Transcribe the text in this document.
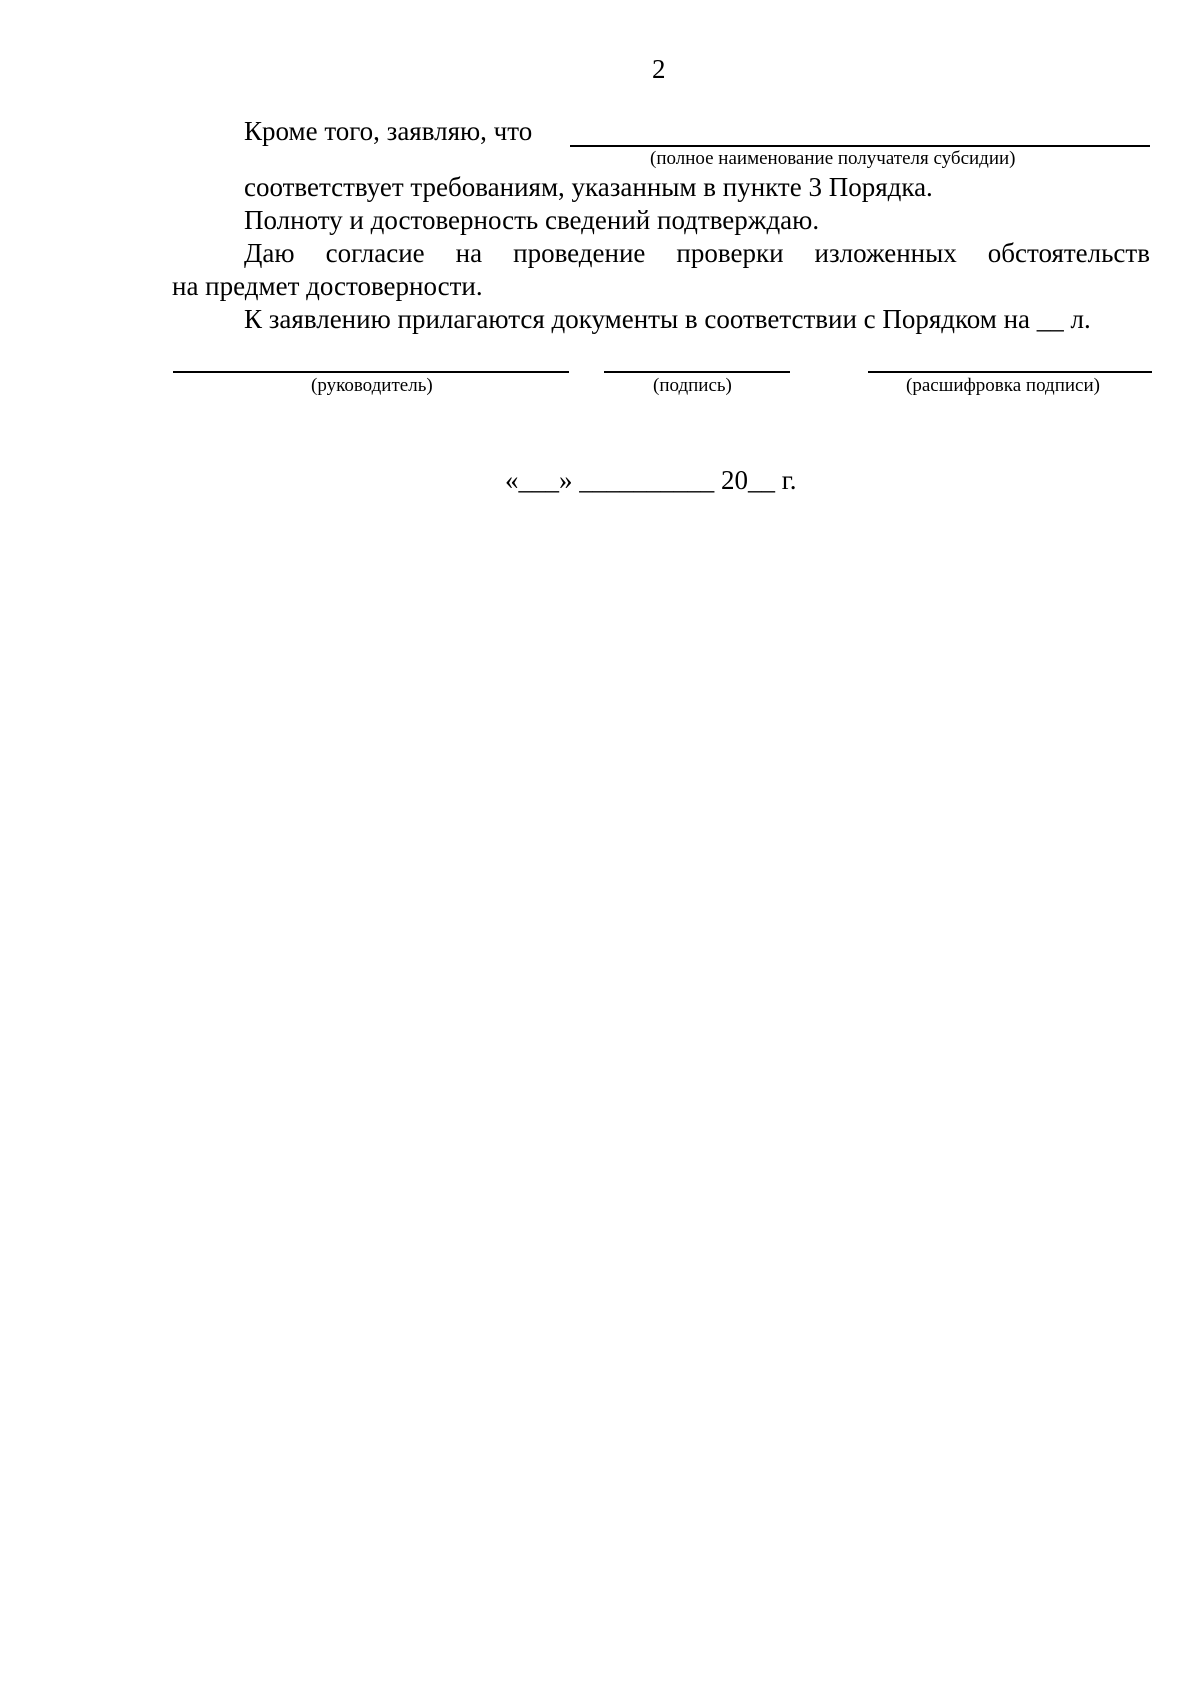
2
Кроме того, заявляю, что
(полное наименование получателя субсидии)
соответствует требованиям, указанным в пункте 3 Порядка.
Полноту и достоверность сведений подтверждаю.
Даю согласие на проведение проверки изложенных обстоятельств
на предмет достоверности.
К заявлению прилагаются документы в соответствии с Порядком на __ л.
(руководитель)	(подпись)	(расшифровка подписи)
«___» __________ 20__ г.
